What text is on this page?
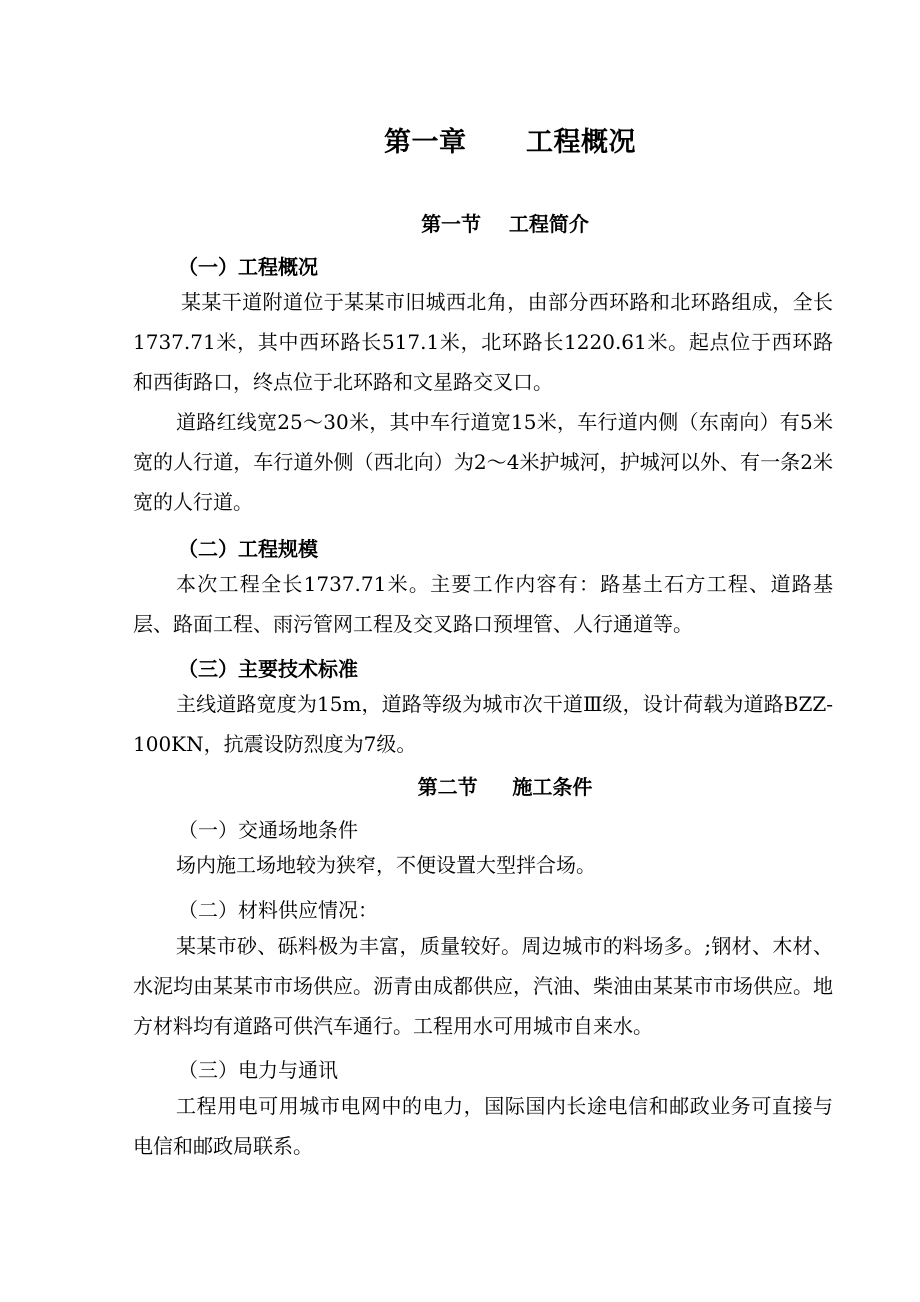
第一章      工程概况
第一节    工程简介
（一）工程概况

某某干道附道位于某某市旧城西北角，由部分西环路和北环路组成，全长1737.71米，其中西环路长517.1米，北环路长1220.61米。起点位于西环路和西街路口，终点位于北环路和文星路交叉口。

道路红线宽25～30米，其中车行道宽15米，车行道内侧（东南向）有5米宽的人行道，车行道外侧（西北向）为2～4米护城河，护城河以外、有一条2米宽的人行道。

（二）工程规模

本次工程全长1737.71米。主要工作内容有：路基土石方工程、道路基层、路面工程、雨污管网工程及交叉路口预埋管、人行通道等。

（三）主要技术标准

主线道路宽度为15m，道路等级为城市次干道Ⅲ级，设计荷载为道路BZZ-100KN，抗震设防烈度为7级。

第二节     施工条件
（一）交通场地条件

场内施工场地较为狭窄，不便设置大型拌合场。

（二）材料供应情况：

某某市砂、砾料极为丰富，质量较好。周边城市的料场多。;钢材、木材、水泥均由某某市市场供应。沥青由成都供应，汽油、柴油由某某市市场供应。地方材料均有道路可供汽车通行。工程用水可用城市自来水。

（三）电力与通讯

工程用电可用城市电网中的电力，国际国内长途电信和邮政业务可直接与电信和邮政局联系。
